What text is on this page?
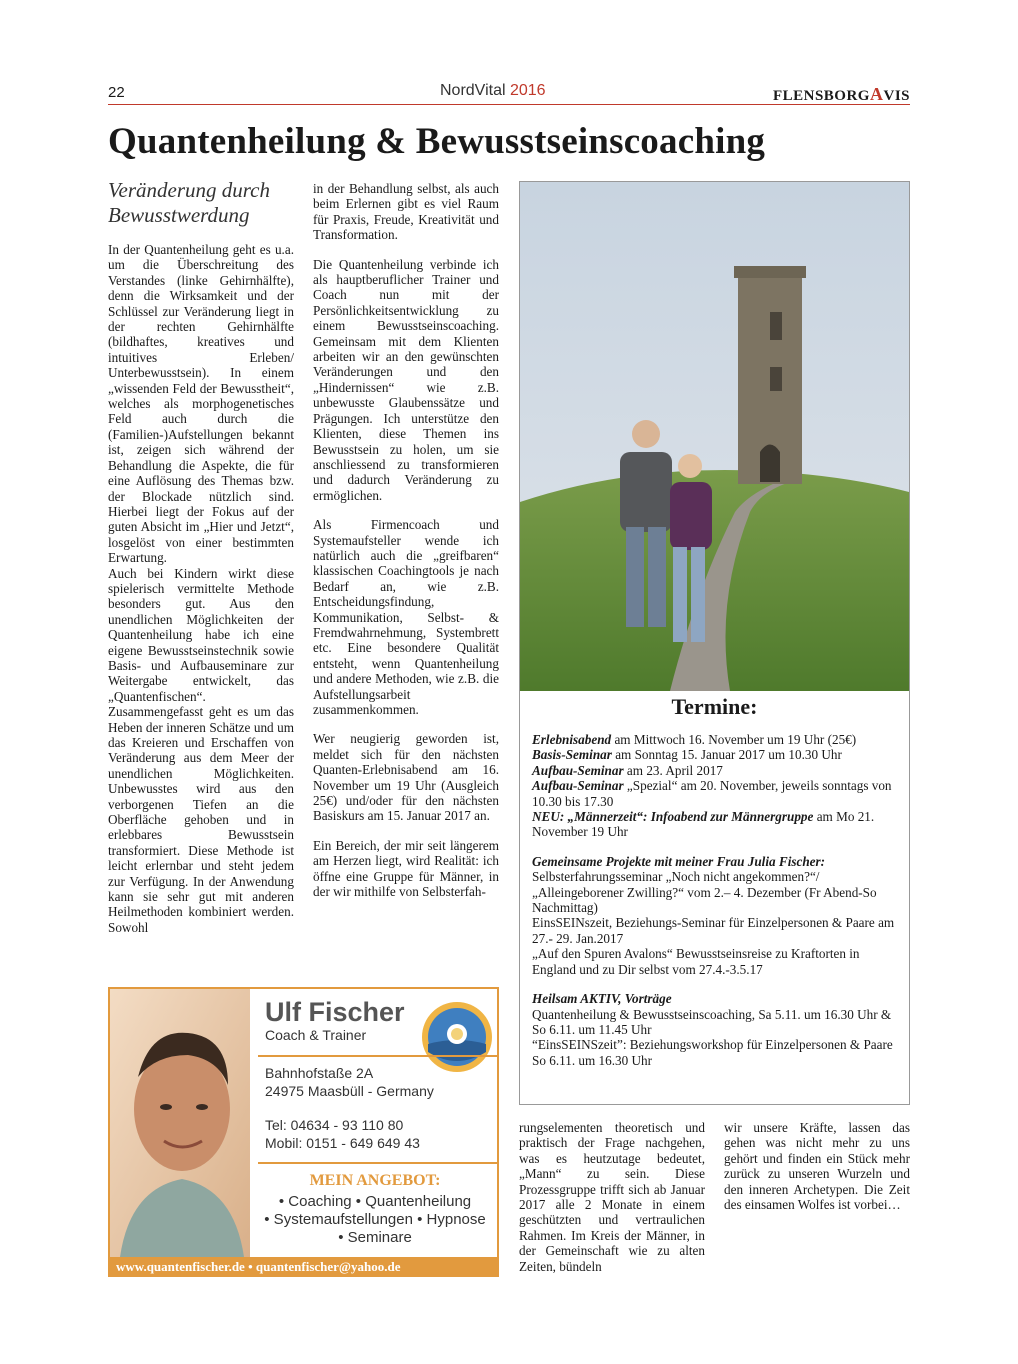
22	NordVital 2016	FLENSBORGAVIS
Quantenheilung & Bewusstseinscoaching
Veränderung durch Bewusstwerdung

In der Quantenheilung geht es u.a. um die Überschreitung des Verstandes (linke Gehirnhälfte), denn die Wirksamkeit und der Schlüssel zur Veränderung liegt in der rechten Gehirnhälfte (bildhaftes, kreatives und intuitives Erleben/ Unterbewusstsein). In einem „wissenden Feld der Bewusstheit“, welches als morphogenetisches Feld auch durch die (Familien-)Aufstellungen bekannt ist, zeigen sich während der Behandlung die Aspekte, die für eine Auflösung des Themas bzw. der Blockade nützlich sind. Hierbei liegt der Fokus auf der guten Absicht im „Hier und Jetzt“, losgelöst von einer bestimmten Erwartung.

Auch bei Kindern wirkt diese spielerisch vermittelte Methode besonders gut. Aus den unendlichen Möglichkeiten der Quantenheilung habe ich eine eigene Bewusstseinstechnik sowie Basis- und Aufbauseminare zur Weitergabe entwickelt, das „Quantenfischen“. Zusammengefasst geht es um das Heben der inneren Schätze und um das Kreieren und Erschaffen von Veränderung aus dem Meer der unendlichen Möglichkeiten. Unbewusstes wird aus den verborgenen Tiefen an die Oberfläche gehoben und in erlebbares Bewusstsein transformiert. Diese Methode ist leicht erlernbar und steht jedem zur Verfügung. In der Anwendung kann sie sehr gut mit anderen Heilmethoden kombiniert werden. Sowohl

in der Behandlung selbst, als auch beim Erlernen gibt es viel Raum für Praxis, Freude, Kreativität und Transformation.

Die Quantenheilung verbinde ich als hauptberuflicher Trainer und Coach nun mit der Persönlichkeitsentwicklung zu einem Bewusstseinscoaching. Gemeinsam mit dem Klienten arbeiten wir an den gewünschten Veränderungen und den „Hindernissen“ wie z.B. unbewusste Glaubenssätze und Prägungen. Ich unterstütze den Klienten, diese Themen ins Bewusstsein zu holen, um sie anschliessend zu transformieren und dadurch Veränderung zu ermöglichen.

Als Firmencoach und Systemaufsteller wende ich natürlich auch die „greifbaren“ klassischen Coachingtools je nach Bedarf an, wie z.B. Entscheidungsfindung, Kommunikation, Selbst- & Fremdwahrnehmung, Systembrett etc. Eine besondere Qualität entsteht, wenn Quantenheilung und andere Methoden, wie z.B. die Aufstellungsarbeit zusammenkommen.

Wer neugierig geworden ist, meldet sich für den nächsten Quanten-Erlebnisabend am 16. November um 19 Uhr (Ausgleich 25€) und/oder für den nächsten Basiskurs am 15. Januar 2017 an.

Ein Bereich, der mir seit längerem am Herzen liegt, wird Realität: ich öffne eine Gruppe für Männer, in der wir mithilfe von Selbsterfah-

Termine:
Erlebnisabend am Mittwoch 16. November um 19 Uhr (25€)
Basis-Seminar am Sonntag 15. Januar 2017 um 10.30 Uhr
Aufbau-Seminar am 23. April 2017
Aufbau-Seminar „Spezial“ am 20. November, jeweils sonntags von 10.30 bis 17.30
NEU: „Männerzeit“: Infoabend zur Männergruppe am Mo 21. November 19 Uhr
Gemeinsame Projekte mit meiner Frau Julia Fischer:
Selbsterfahrungsseminar „Noch nicht angekommen?“/ „Alleingeborener Zwilling?“ vom 2.– 4. Dezember (Fr Abend-So Nachmittag)
EinsSEINszeit, Beziehungs-Seminar für Einzelpersonen & Paare am 27.- 29. Jan.2017
„Auf den Spuren Avalons“ Bewusstseinsreise zu Kraftorten in England und zu Dir selbst vom 27.4.-3.5.17
Heilsam AKTIV, Vorträge
Quantenheilung & Bewusstseinscoaching, Sa 5.11. um 16.30 Uhr & So 6.11. um 11.45 Uhr
“EinsSEINSzeit”: Beziehungsworkshop für Einzelpersonen & Paare So 6.11. um 16.30 Uhr

rungselementen theoretisch und praktisch der Frage nachgehen, was es heutzutage bedeutet, „Mann“ zu sein. Diese Prozessgruppe trifft sich ab Januar 2017 alle 2 Monate in einem geschützten und vertraulichen Rahmen. Im Kreis der Männer, in der Gemeinschaft wie zu alten Zeiten, bündeln

wir unsere Kräfte, lassen das gehen was nicht mehr zu uns gehört und finden ein Stück mehr zurück zu unseren Wurzeln und den inneren Archetypen. Die Zeit des einsamen Wolfes ist vorbei…

Ulf Fischer
Coach & Trainer
Bahnhofstaße 2A
24975 Maasbüll - Germany
Tel: 04634 - 93 110 80
Mobil: 0151 - 649 649 43
MEIN ANGEBOT:
• Coaching • Quantenheilung
• Systemaufstellungen • Hypnose
• Seminare
www.quantenfischer.de • quantenfischer@yahoo.de
